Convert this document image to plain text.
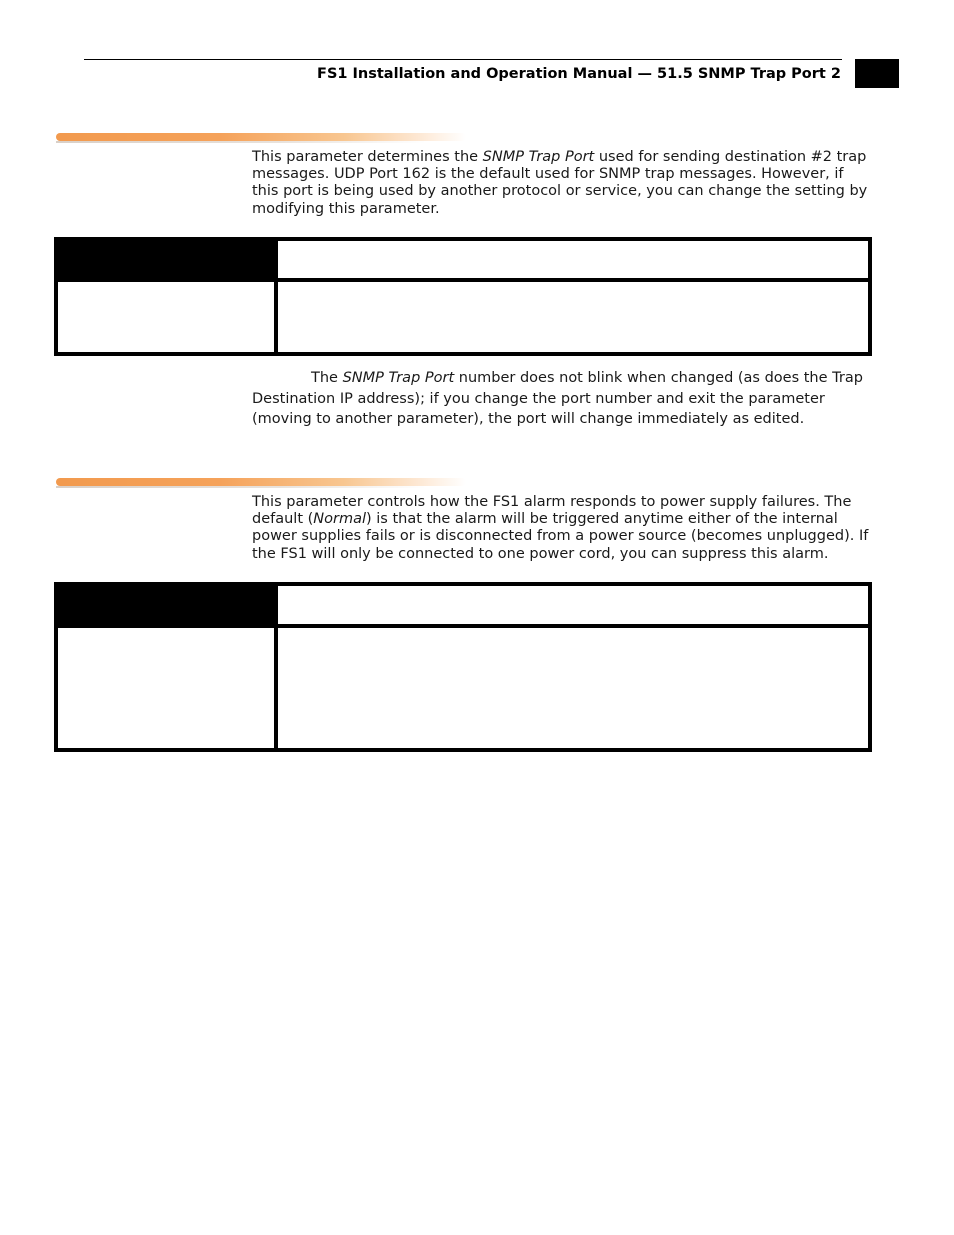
FS1 Installation and Operation Manual — 51.5 SNMP Trap Port 2

This parameter determines the SNMP Trap Port used for sending destination #2 trap messages. UDP Port 162 is the default used for SNMP trap messages. However, if this port is being used by another protocol or service, you can change the setting by modifying this parameter.

The SNMP Trap Port number does not blink when changed (as does the Trap Destination IP address); if you change the port number and exit the parameter (moving to another parameter), the port will change immediately as edited.

This parameter controls how the FS1 alarm responds to power supply failures. The default (Normal) is that the alarm will be triggered anytime either of the internal power supplies fails or is disconnected from a power source (becomes unplugged). If the FS1 will only be connected to one power cord, you can suppress this alarm.
